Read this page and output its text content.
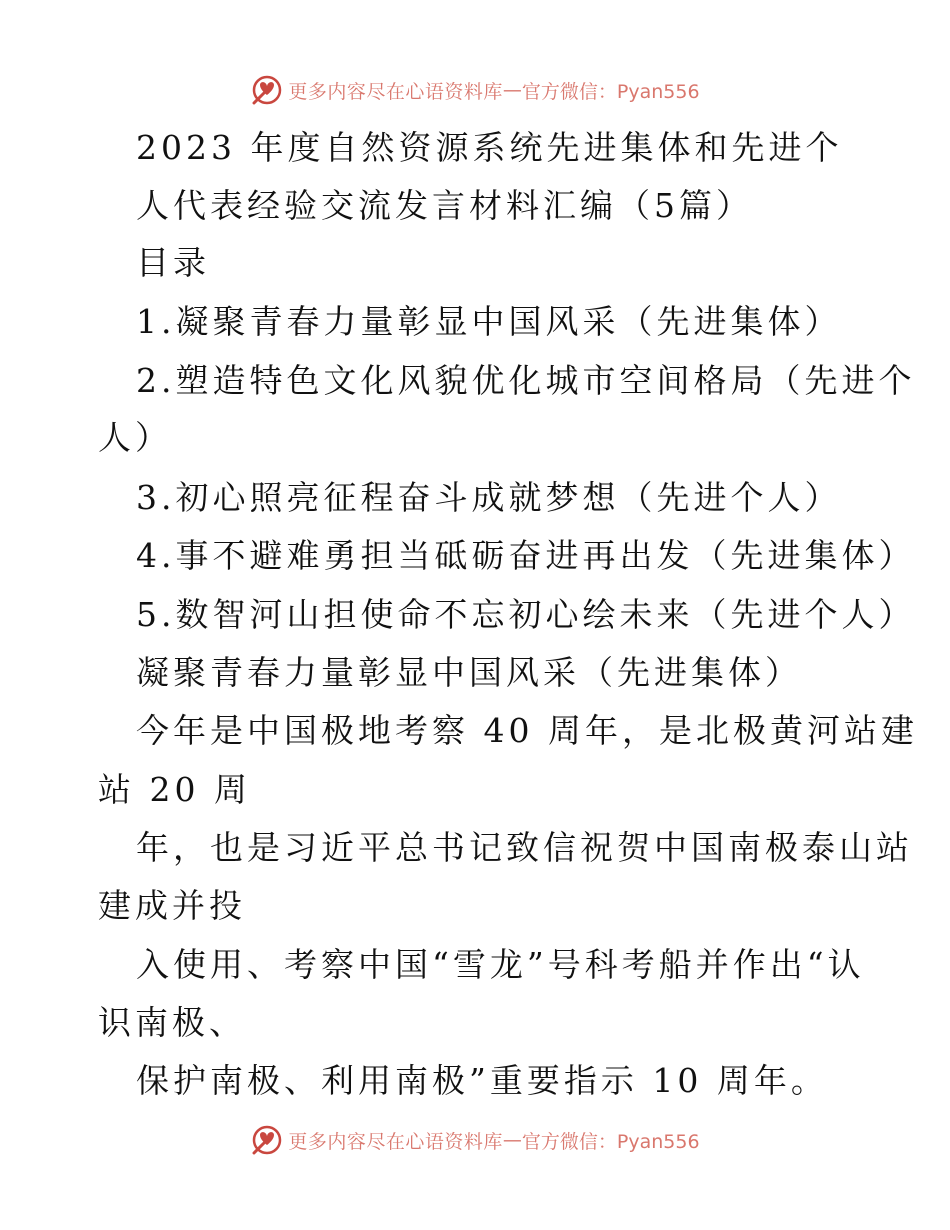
更多内容尽在心语资料库 — 官方微信：Pyan556
2023 年度自然资源系统先进集体和先进个
人代表经验交流发言材料汇编（5篇）
目录
1.凝聚青春力量彰显中国风采（先进集体）
2.塑造特色文化风貌优化城市空间格局（先进个
人）
3.初心照亮征程奋斗成就梦想（先进个人）
4.事不避难勇担当砥砺奋进再出发（先进集体）
5.数智河山担使命不忘初心绘未来（先进个人）
凝聚青春力量彰显中国风采（先进集体）
今年是中国极地考察 40 周年，是北极黄河站建
站 20 周
年，也是习近平总书记致信祝贺中国南极泰山站
建成并投
入使用、考察中国“雪龙”号科考船并作出“认
识南极、
保护南极、利用南极”重要指示 10 周年。
更多内容尽在心语资料库 — 官方微信：Pyan556
